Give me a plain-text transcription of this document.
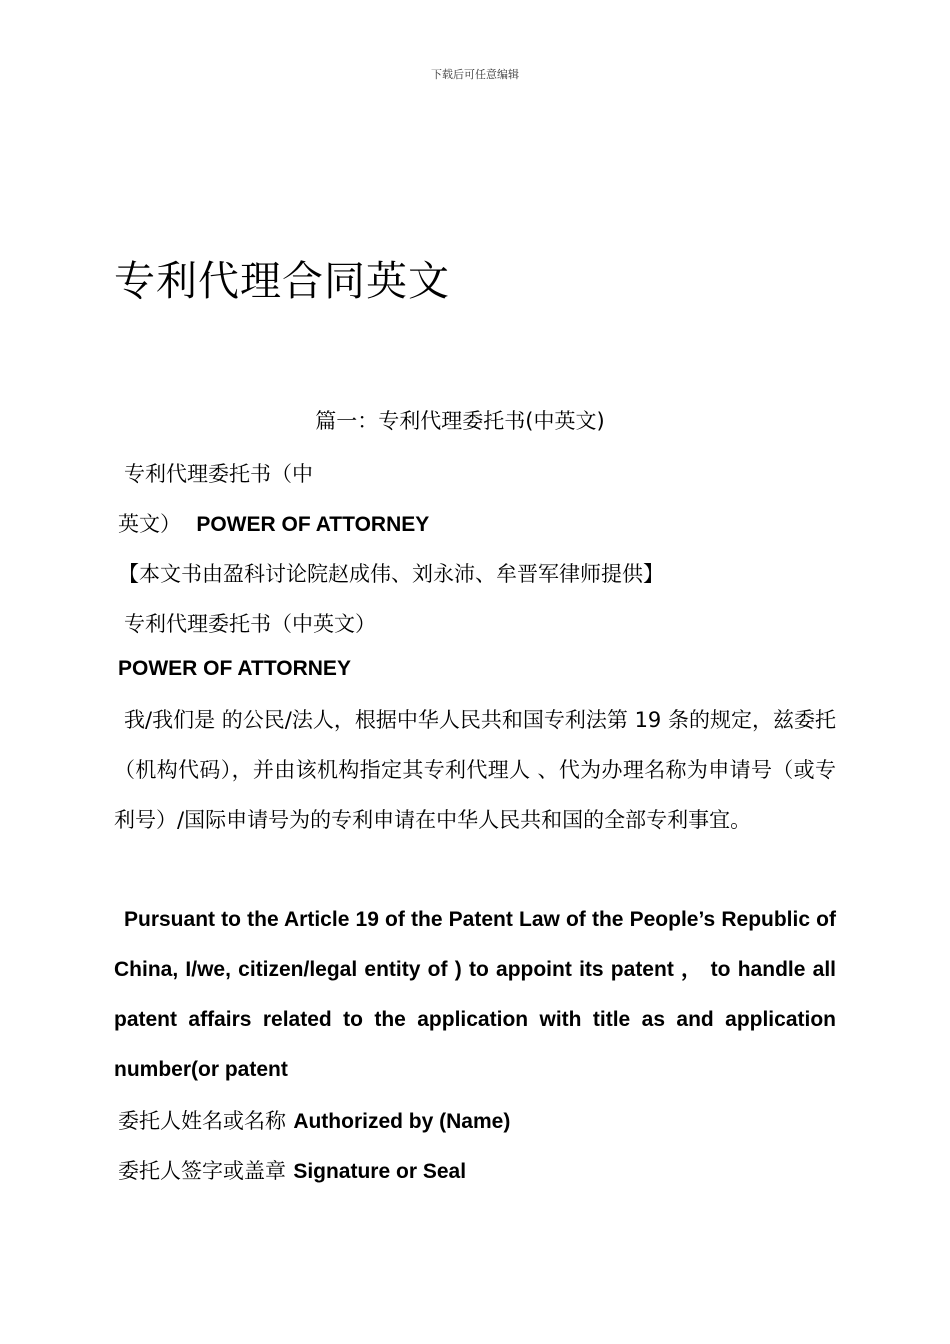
下载后可任意编辑
专利代理合同英文
篇一：专利代理委托书(中英文)
专利代理委托书（中
英文） POWER OF ATTORNEY
【本文书由盈科讨论院赵成伟、刘永沛、牟晋军律师提供】
专利代理委托书（中英文）
POWER OF ATTORNEY
我/我们是 的公民/法人，根据中华人民共和国专利法第 19 条的规定，兹委托 （机构代码），并由该机构指定其专利代理人 、代为办理名称为申请号（或专利号）/国际申请号为的专利申请在中华人民共和国的全部专利事宜。
Pursuant to the Article 19 of the Patent Law of the People’s Republic of China, I/we, citizen/legal entity of ) to appoint its patent ， to handle all patent affairs related to the application with title as and application number(or patent
委托人姓名或名称 Authorized by (Name)
委托人签字或盖章 Signature or Seal
